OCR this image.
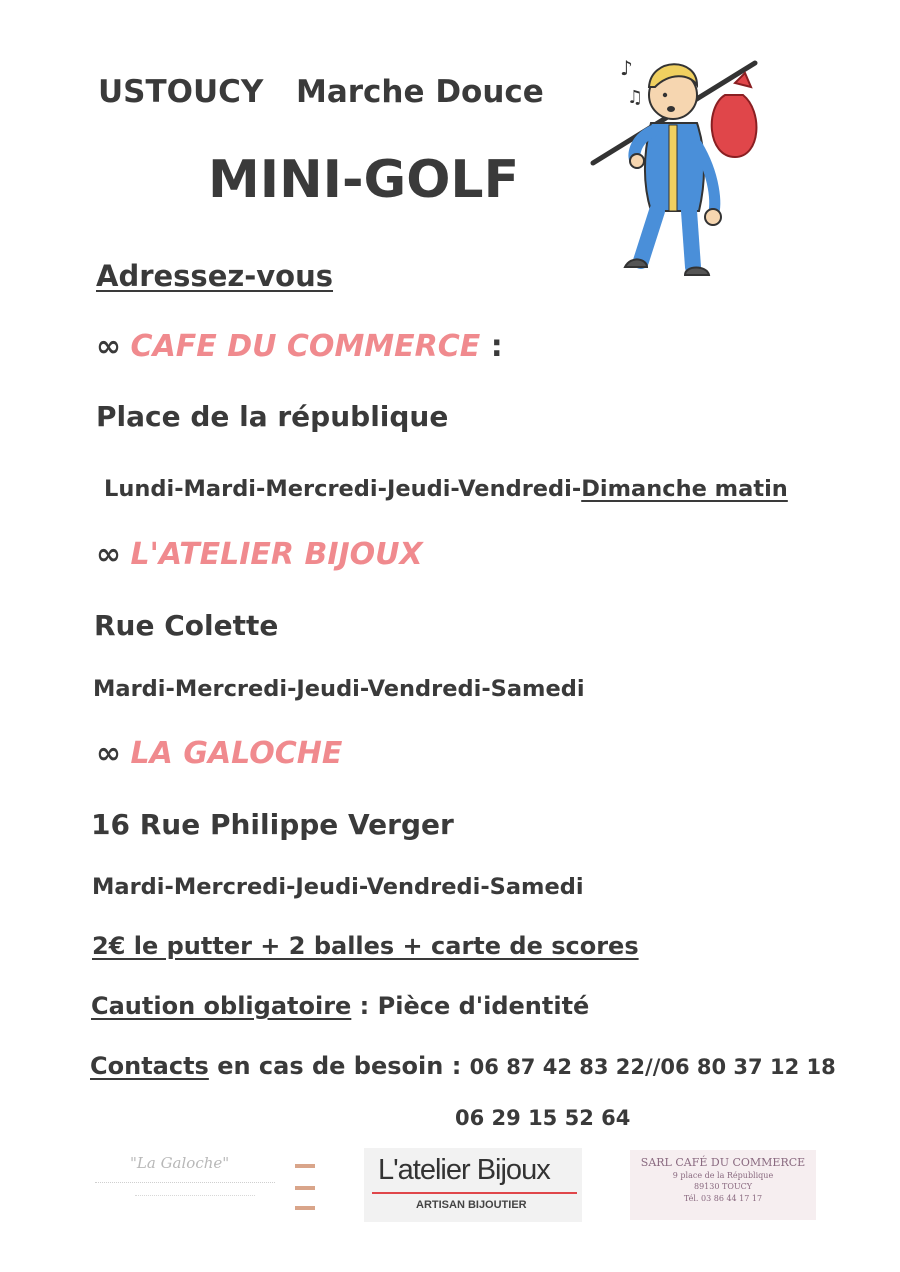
USTOUCY Marche Douce
MINI-GOLF
♪
♫
Adressez-vous
∞ CAFE DU COMMERCE :
Place de la république
Lundi-Mardi-Mercredi-Jeudi-Vendredi-Dimanche matin
∞ L'ATELIER BIJOUX
Rue Colette
Mardi-Mercredi-Jeudi-Vendredi-Samedi
∞ LA GALOCHE
16 Rue Philippe Verger
Mardi-Mercredi-Jeudi-Vendredi-Samedi
2€ le putter + 2 balles + carte de scores
Caution obligatoire : Pièce d'identité
Contacts en cas de besoin : 06 87 42 83 22//06 80 37 12 18
06 29 15 52 64
"La Galoche"	L'atelier Bijoux
ARTISAN BIJOUTIER
SARL CAFÉ DU COMMERCE
9 place de la République
89130 TOUCY
Tél. 03 86 44 17 17
